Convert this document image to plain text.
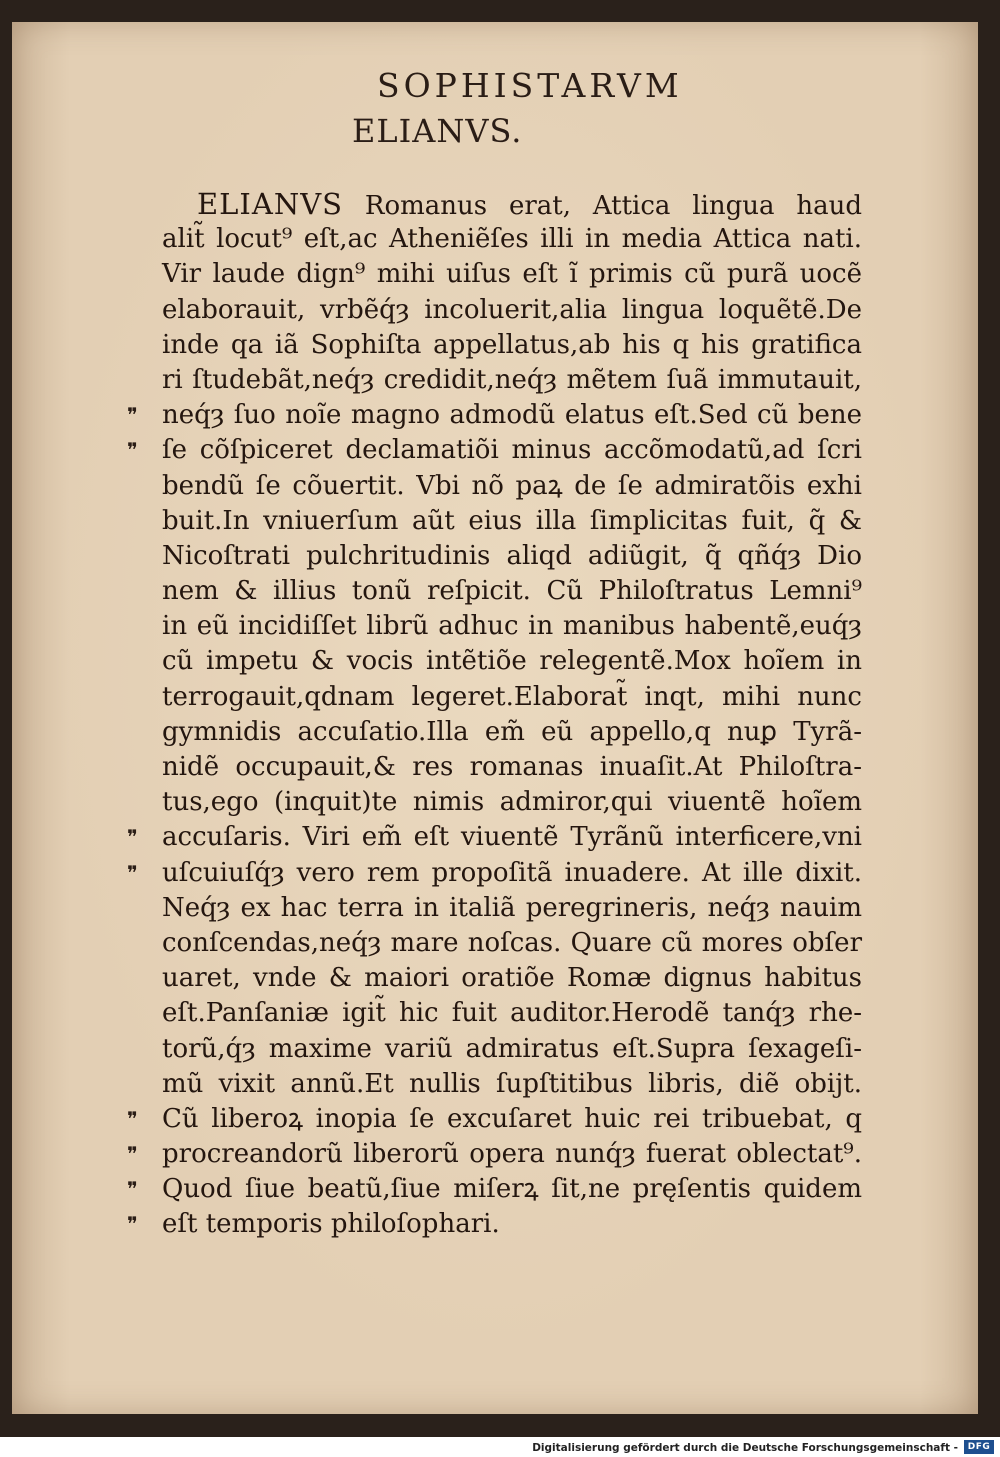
SOPHISTARVM
ELIANVS.
ELIANVS Romanus erat, Attica lingua haud
alit̃ locut⁹ eſt,ac Atheniẽſes illi in media Attica nati.
Vir laude dign⁹ mihi uiſus eſt ĩ primis cũ purã uocẽ
elaborauit, vrbẽq́ȝ incoluerit,alia lingua loquẽtẽ.De
inde qa iã Sophiſta appellatus,ab his q his gratifica
ri ſtudebãt,neq́ȝ credidit,neq́ȝ mẽtem ſuã immutauit,
❞ neq́ȝ ſuo noĩe magno admodũ elatus eſt.Sed cũ bene
❞ ſe cõſpiceret declamatiõi minus accõmodatũ,ad ſcri
bendũ ſe cõuertit. Vbi nõ paꝝ de ſe admiratõis exhi
buit.In vniuerſum aũt eius illa ſimplicitas fuit, q̃ &
Nicoſtrati pulchritudinis aliqd adiũgit, q̃ qñq́ȝ Dio
nem & illius tonũ reſpicit. Cũ Philoſtratus Lemni⁹
in eũ incidiſſet librũ adhuc in manibus habentẽ,euq́ȝ
cũ impetu & vocis intẽtiõe relegentẽ.Mox hoĩem in
terrogauit,qdnam legeret.Elaborat̃ inqt, mihi nunc
gymnidis accuſatio.Illa em̃ eũ appello,q nuꝑ Tyrã-
nidẽ occupauit,& res romanas inuaſit.At Philoſtra-
tus,ego (inquit)te nimis admiror,qui viuentẽ hoĩem
❞ accuſaris. Viri em̃ eſt viuentẽ Tyrãnũ interficere,vni
❞ uſcuiuſq́ȝ vero rem propoſitã inuadere. At ille dixit.
Neq́ȝ ex hac terra in italiã peregrineris, neq́ȝ nauim
conſcendas,neq́ȝ mare noſcas. Quare cũ mores obſer
uaret, vnde & maiori oratiõe Romæ dignus habitus
eſt.Panſaniæ igit̃ hic fuit auditor.Herodẽ tanq́ȝ rhe-
torũ,q́ȝ maxime variũ admiratus eſt.Supra ſexageſi-
mũ vixit annũ.Et nullis ſupſtitibus libris, diẽ obijt.
❞ Cũ liberoꝝ inopia ſe excuſaret huic rei tribuebat, q
❞ procreandorũ liberorũ opera nunq́ȝ fuerat oblectat⁹.
❞ Quod ſiue beatũ,ſiue miſerꝝ ſit,ne pręſentis quidem
❞ eſt temporis philoſophari.
Digitalisierung gefördert durch die Deutsche Forschungsgemeinschaft -	DFG
